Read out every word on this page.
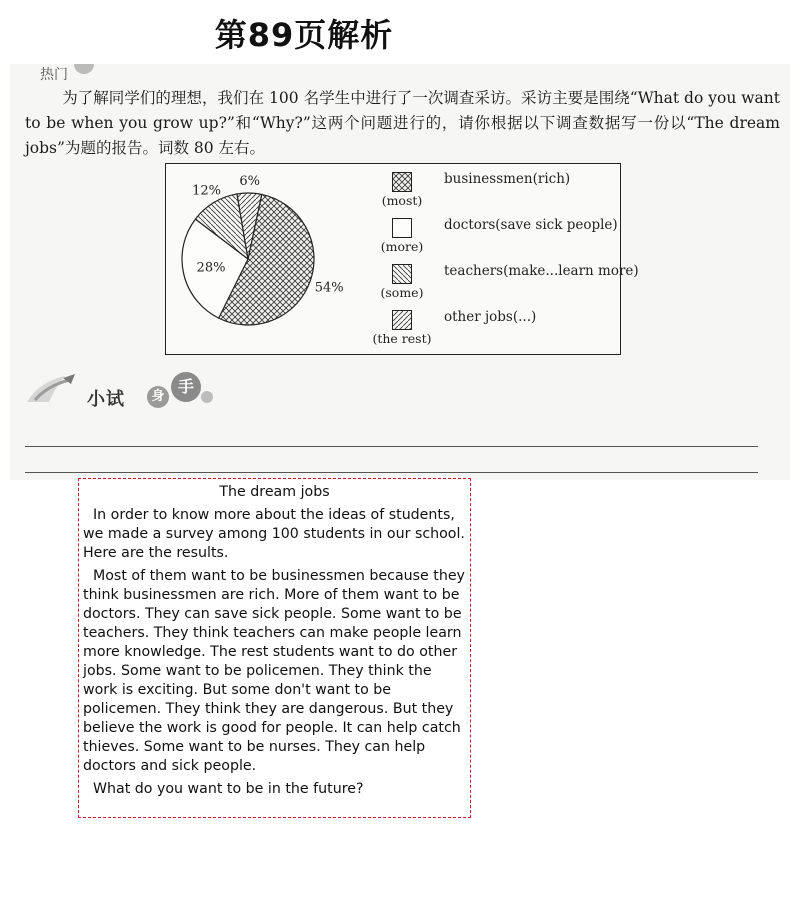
第89页解析
热门
为了解同学们的理想，我们在 100 名学生中进行了一次调查采访。采访主要是围绕“What do you want to be when you grow up?”和“Why?”这两个问题进行的，请你根据以下调查数据写一份以“The dream jobs”为题的报告。词数 80 左右。
54%
28%
12%
6%
(most)
businessmen(rich)
(more)
doctors(save sick people)
(some)
teachers(make...learn more)
(the rest)
other jobs(...)
小试	身
手
The dream jobs
In order to know more about the ideas of students, we made a survey among 100 students in our school. Here are the results.
Most of them want to be businessmen because they think businessmen are rich. More of them want to be doctors. They can save sick people. Some want to be teachers. They think teachers can make people learn more knowledge. The rest students want to do other jobs. Some want to be policemen. They think the work is exciting. But some don't want to be policemen. They think they are dangerous. But they believe the work is good for people. It can help catch thieves. Some want to be nurses. They can help doctors and sick people.
What do you want to be in the future?
